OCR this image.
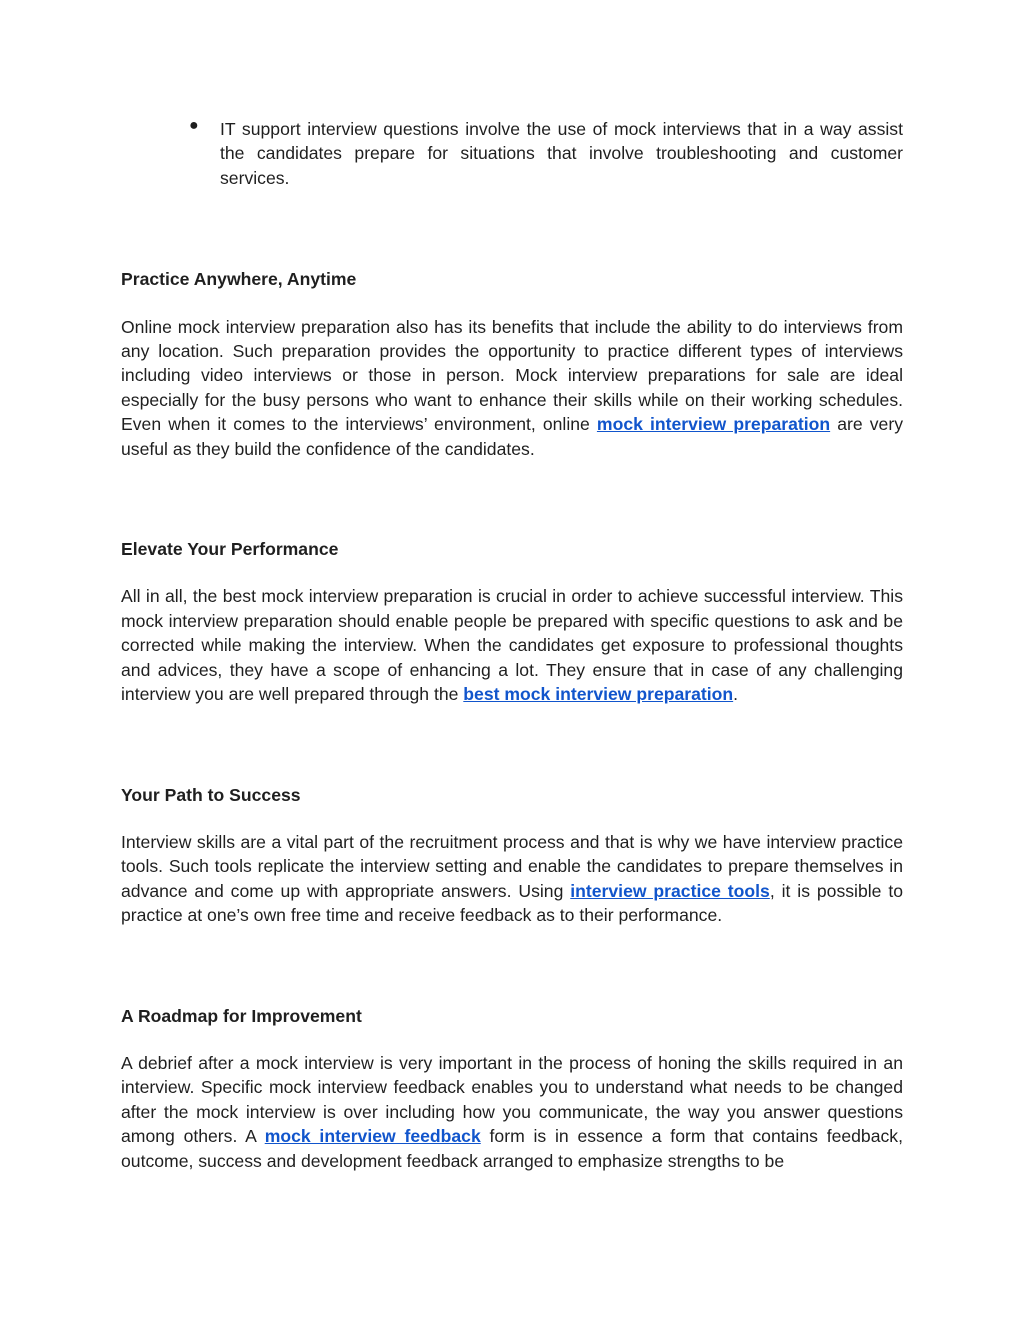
● IT support interview questions involve the use of mock interviews that in a way assist the candidates prepare for situations that involve troubleshooting and customer services.

Practice Anywhere, Anytime

Online mock interview preparation also has its benefits that include the ability to do interviews from any location. Such preparation provides the opportunity to practice different types of interviews including video interviews or those in person. Mock interview preparations for sale are ideal especially for the busy persons who want to enhance their skills while on their working schedules. Even when it comes to the interviews’ environment, online mock interview preparation are very useful as they build the confidence of the candidates.

Elevate Your Performance

All in all, the best mock interview preparation is crucial in order to achieve successful interview. This mock interview preparation should enable people be prepared with specific questions to ask and be corrected while making the interview. When the candidates get exposure to professional thoughts and advices, they have a scope of enhancing a lot. They ensure that in case of any challenging interview you are well prepared through the best mock interview preparation.

Your Path to Success

Interview skills are a vital part of the recruitment process and that is why we have interview practice tools. Such tools replicate the interview setting and enable the candidates to prepare themselves in advance and come up with appropriate answers. Using interview practice tools, it is possible to practice at one’s own free time and receive feedback as to their performance.

A Roadmap for Improvement

A debrief after a mock interview is very important in the process of honing the skills required in an interview. Specific mock interview feedback enables you to understand what needs to be changed after the mock interview is over including how you communicate, the way you answer questions among others. A mock interview feedback form is in essence a form that contains feedback, outcome, success and development feedback arranged to emphasize strengths to be
